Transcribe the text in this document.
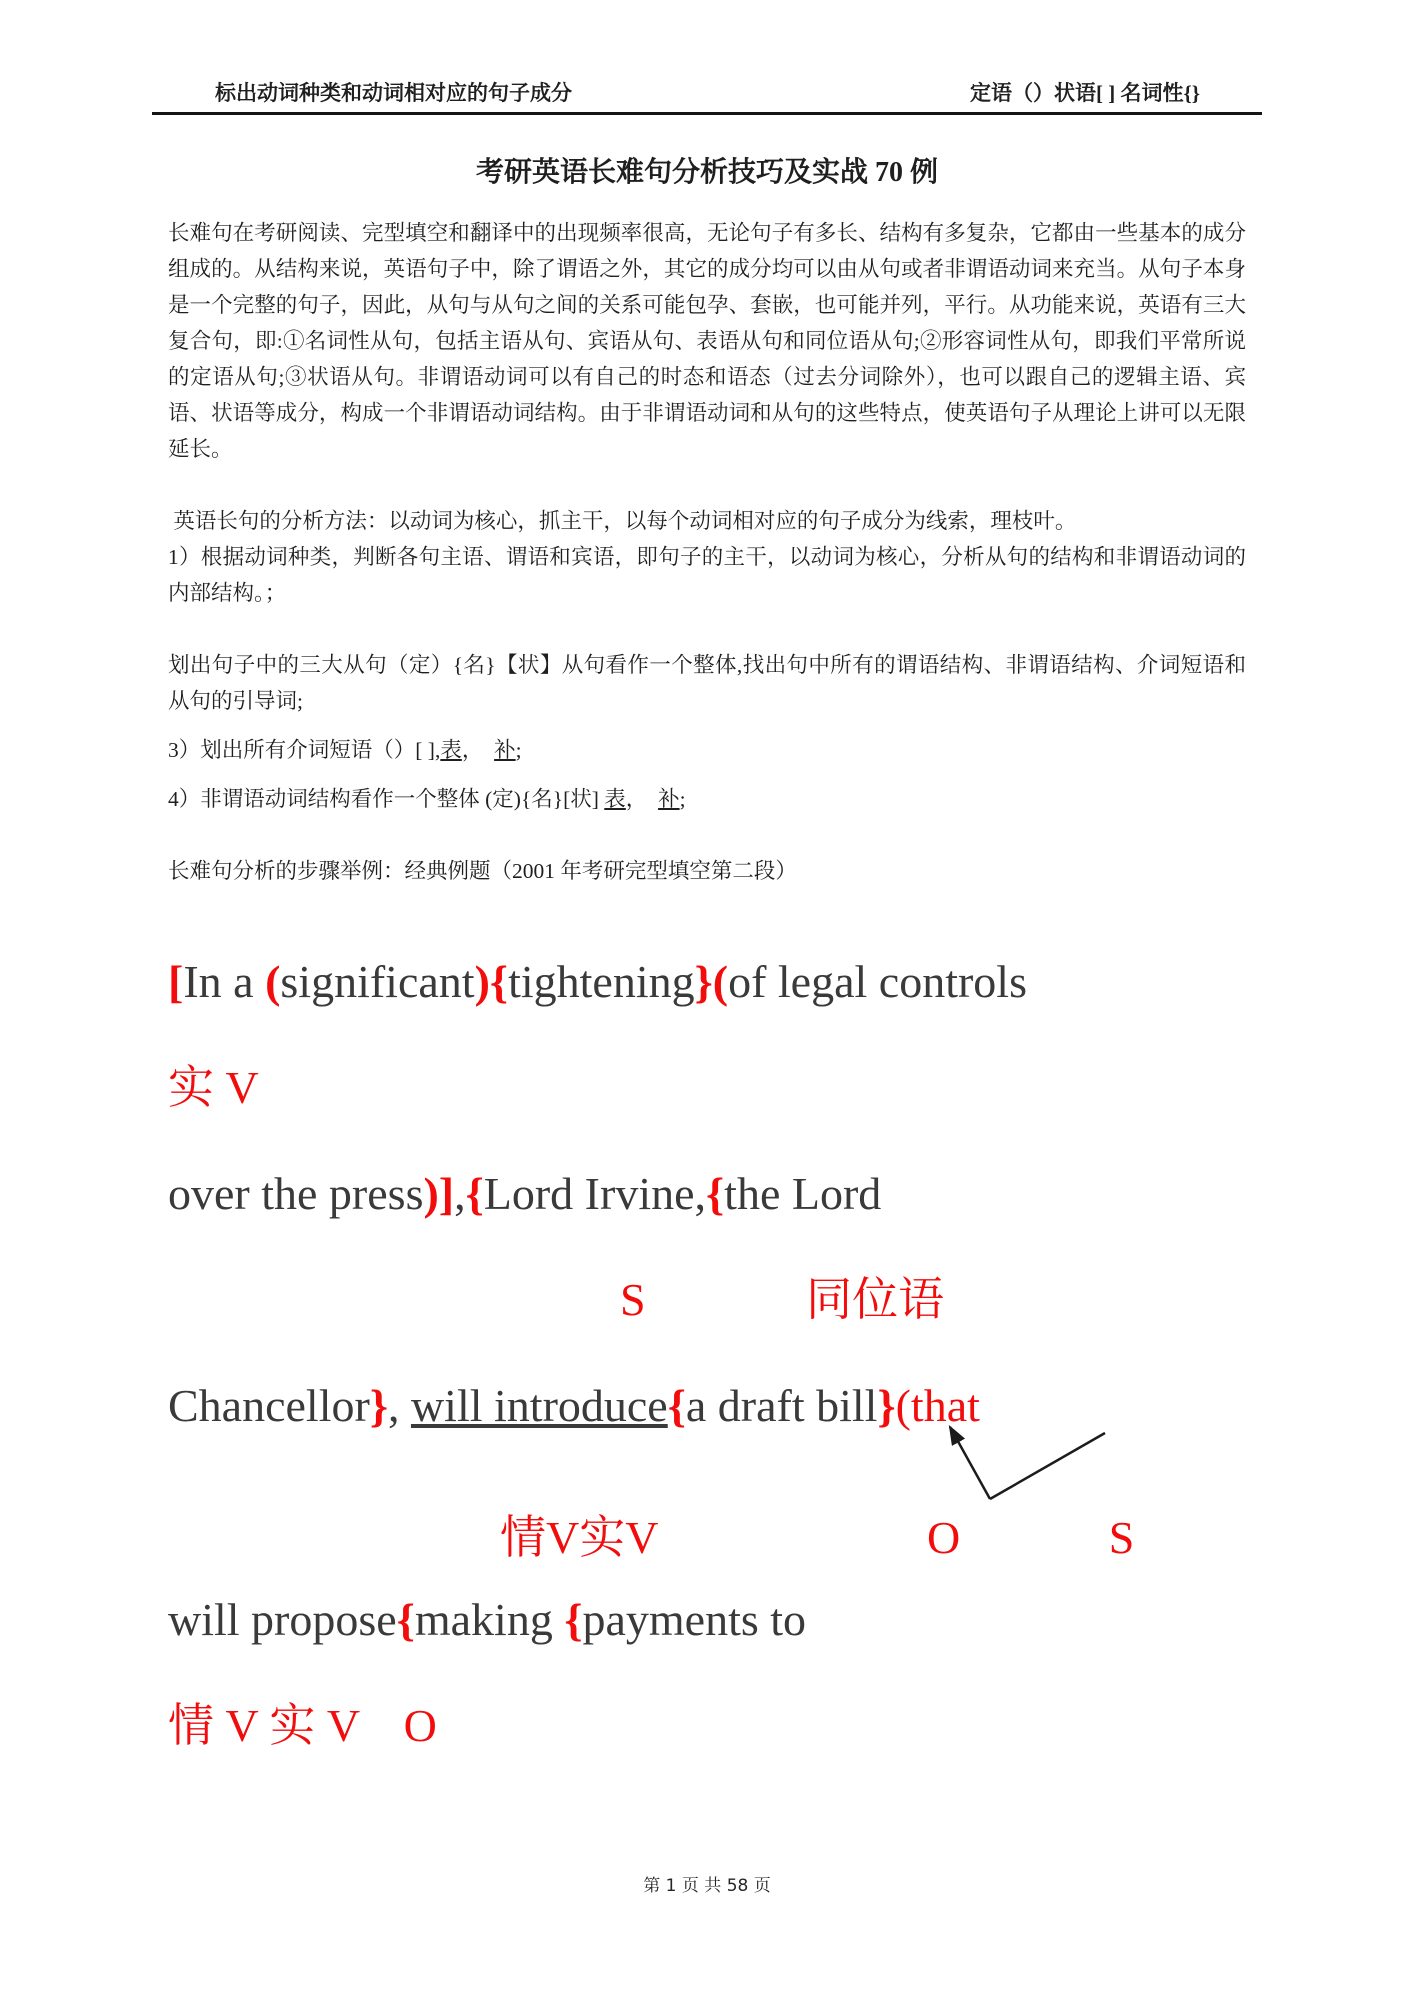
标出动词种类和动词相对应的句子成分	定语（）状语[ ] 名词性{}
考研英语长难句分析技巧及实战 70 例

长难句在考研阅读、完型填空和翻译中的出现频率很高，无论句子有多长、结构有多复杂，它都由一些基本的成分组成的。从结构来说，英语句子中，除了谓语之外，其它的成分均可以由从句或者非谓语动词来充当。从句子本身是一个完整的句子，因此，从句与从句之间的关系可能包孕、套嵌，也可能并列，平行。从功能来说，英语有三大复合句，即:①名词性从句，包括主语从句、宾语从句、表语从句和同位语从句;②形容词性从句，即我们平常所说的定语从句;③状语从句。非谓语动词可以有自己的时态和语态（过去分词除外），也可以跟自己的逻辑主语、宾语、状语等成分，构成一个非谓语动词结构。由于非谓语动词和从句的这些特点，使英语句子从理论上讲可以无限延长。

英语长句的分析方法：以动词为核心，抓主干，以每个动词相对应的句子成分为线索，理枝叶。

1）根据动词种类，判断各句主语、谓语和宾语，即句子的主干，以动词为核心，分析从句的结构和非谓语动词的内部结构。；

划出句子中的三大从句（定）{名}【状】从句看作一个整体,找出句中所有的谓语结构、非谓语结构、介词短语和从句的引导词;

3）划出所有介词短语（）[ ],表，  补;

4）非谓语动词结构看作一个整体 (定){名}[状] 表，  补;

长难句分析的步骤举例：经典例题（2001 年考研完型填空第二段）

[In a (significant){tightening}(of legal controls
实 V
over the press)],{Lord Irvine,{the Lord
S	同位语
Chancellor}, will introduce{a draft bill}(that
情V实V	O	S
will propose{making {payments to
情 V 实 V O
第 1 页 共 58 页
